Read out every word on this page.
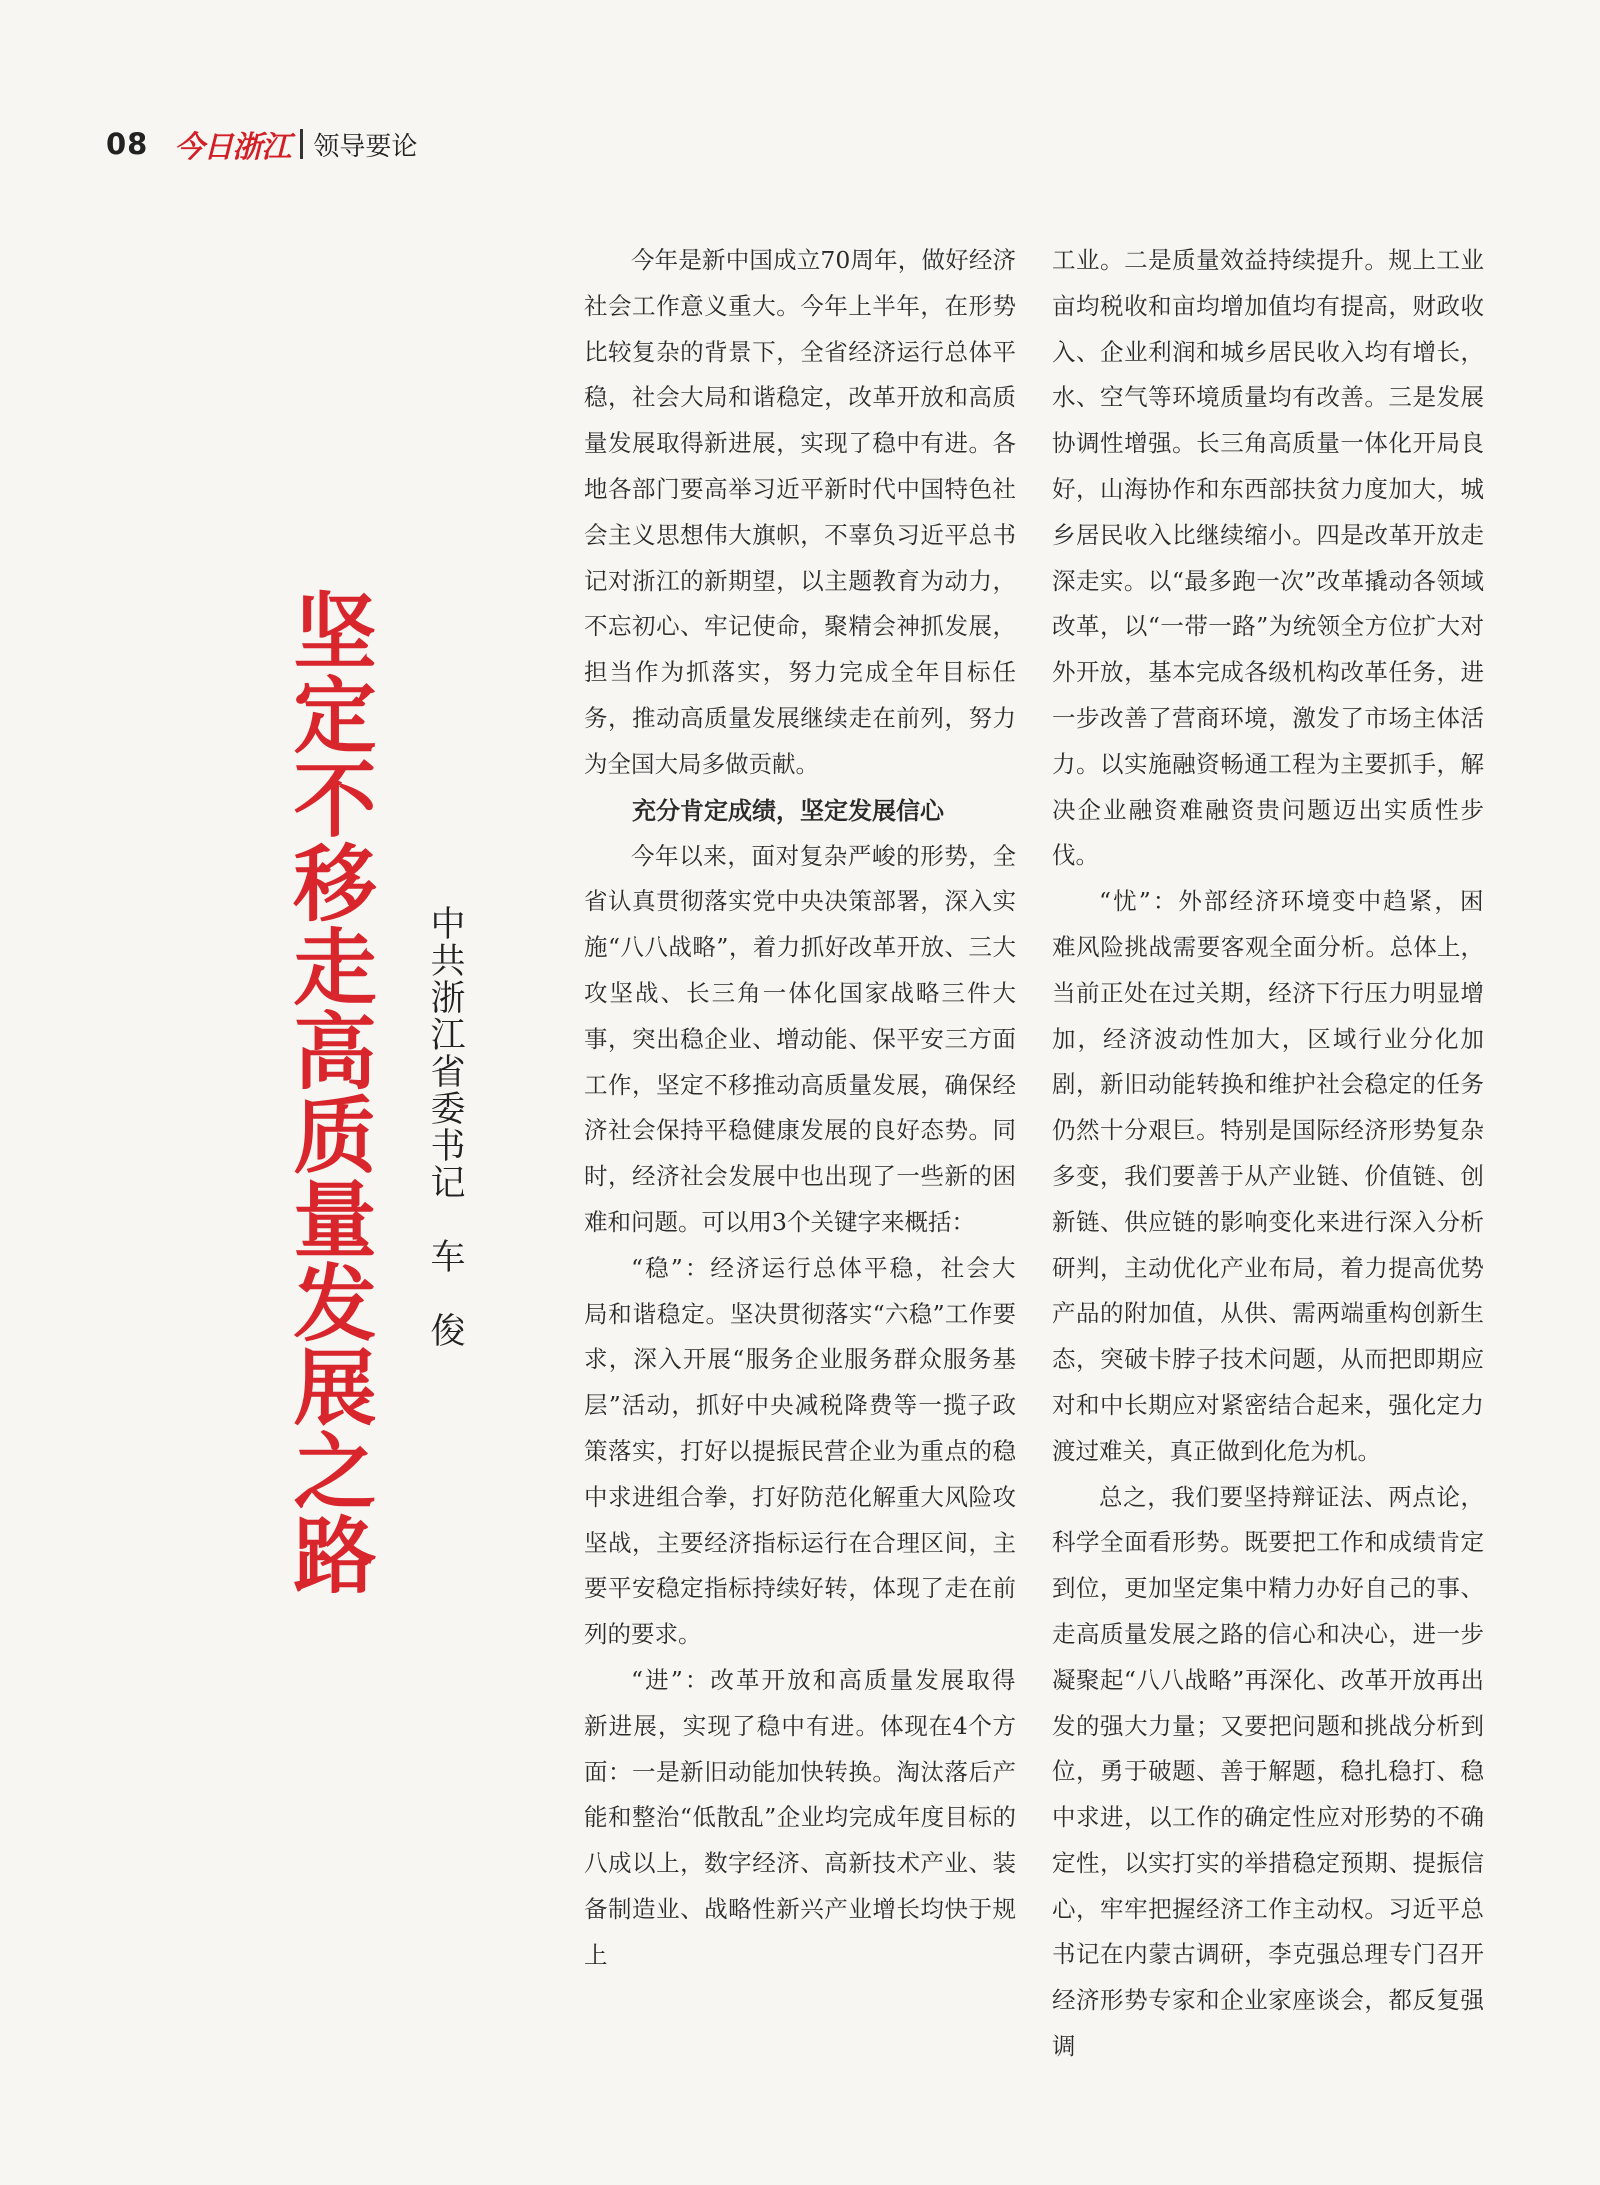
08 今日浙江 领导要论
坚定不移走高质量发展之路 中共浙江省委书记　车　俊

今年是新中国成立70周年，做好经济社会工作意义重大。今年上半年，在形势比较复杂的背景下，全省经济运行总体平稳，社会大局和谐稳定，改革开放和高质量发展取得新进展，实现了稳中有进。各地各部门要高举习近平新时代中国特色社会主义思想伟大旗帜，不辜负习近平总书记对浙江的新期望，以主题教育为动力，不忘初心、牢记使命，聚精会神抓发展，担当作为抓落实，努力完成全年目标任务，推动高质量发展继续走在前列，努力为全国大局多做贡献。

充分肯定成绩，坚定发展信心

今年以来，面对复杂严峻的形势，全省认真贯彻落实党中央决策部署，深入实施“八八战略”，着力抓好改革开放、三大攻坚战、长三角一体化国家战略三件大事，突出稳企业、增动能、保平安三方面工作，坚定不移推动高质量发展，确保经济社会保持平稳健康发展的良好态势。同时，经济社会发展中也出现了一些新的困难和问题。可以用3个关键字来概括：

“稳”：经济运行总体平稳，社会大局和谐稳定。坚决贯彻落实“六稳”工作要求，深入开展“服务企业服务群众服务基层”活动，抓好中央减税降费等一揽子政策落实，打好以提振民营企业为重点的稳中求进组合拳，打好防范化解重大风险攻坚战，主要经济指标运行在合理区间，主要平安稳定指标持续好转，体现了走在前列的要求。

“进”：改革开放和高质量发展取得新进展，实现了稳中有进。体现在4个方面：一是新旧动能加快转换。淘汰落后产能和整治“低散乱”企业均完成年度目标的八成以上，数字经济、高新技术产业、装备制造业、战略性新兴产业增长均快于规上

工业。二是质量效益持续提升。规上工业亩均税收和亩均增加值均有提高，财政收入、企业利润和城乡居民收入均有增长，水、空气等环境质量均有改善。三是发展协调性增强。长三角高质量一体化开局良好，山海协作和东西部扶贫力度加大，城乡居民收入比继续缩小。四是改革开放走深走实。以“最多跑一次”改革撬动各领域改革，以“一带一路”为统领全方位扩大对外开放，基本完成各级机构改革任务，进一步改善了营商环境，激发了市场主体活力。以实施融资畅通工程为主要抓手，解决企业融资难融资贵问题迈出实质性步伐。

“忧”：外部经济环境变中趋紧，困难风险挑战需要客观全面分析。总体上，当前正处在过关期，经济下行压力明显增加，经济波动性加大，区域行业分化加剧，新旧动能转换和维护社会稳定的任务仍然十分艰巨。特别是国际经济形势复杂多变，我们要善于从产业链、价值链、创新链、供应链的影响变化来进行深入分析研判，主动优化产业布局，着力提高优势产品的附加值，从供、需两端重构创新生态，突破卡脖子技术问题，从而把即期应对和中长期应对紧密结合起来，强化定力渡过难关，真正做到化危为机。

总之，我们要坚持辩证法、两点论，科学全面看形势。既要把工作和成绩肯定到位，更加坚定集中精力办好自己的事、走高质量发展之路的信心和决心，进一步凝聚起“八八战略”再深化、改革开放再出发的强大力量；又要把问题和挑战分析到位，勇于破题、善于解题，稳扎稳打、稳中求进，以工作的确定性应对形势的不确定性，以实打实的举措稳定预期、提振信心，牢牢把握经济工作主动权。习近平总书记在内蒙古调研，李克强总理专门召开经济形势专家和企业家座谈会，都反复强调
